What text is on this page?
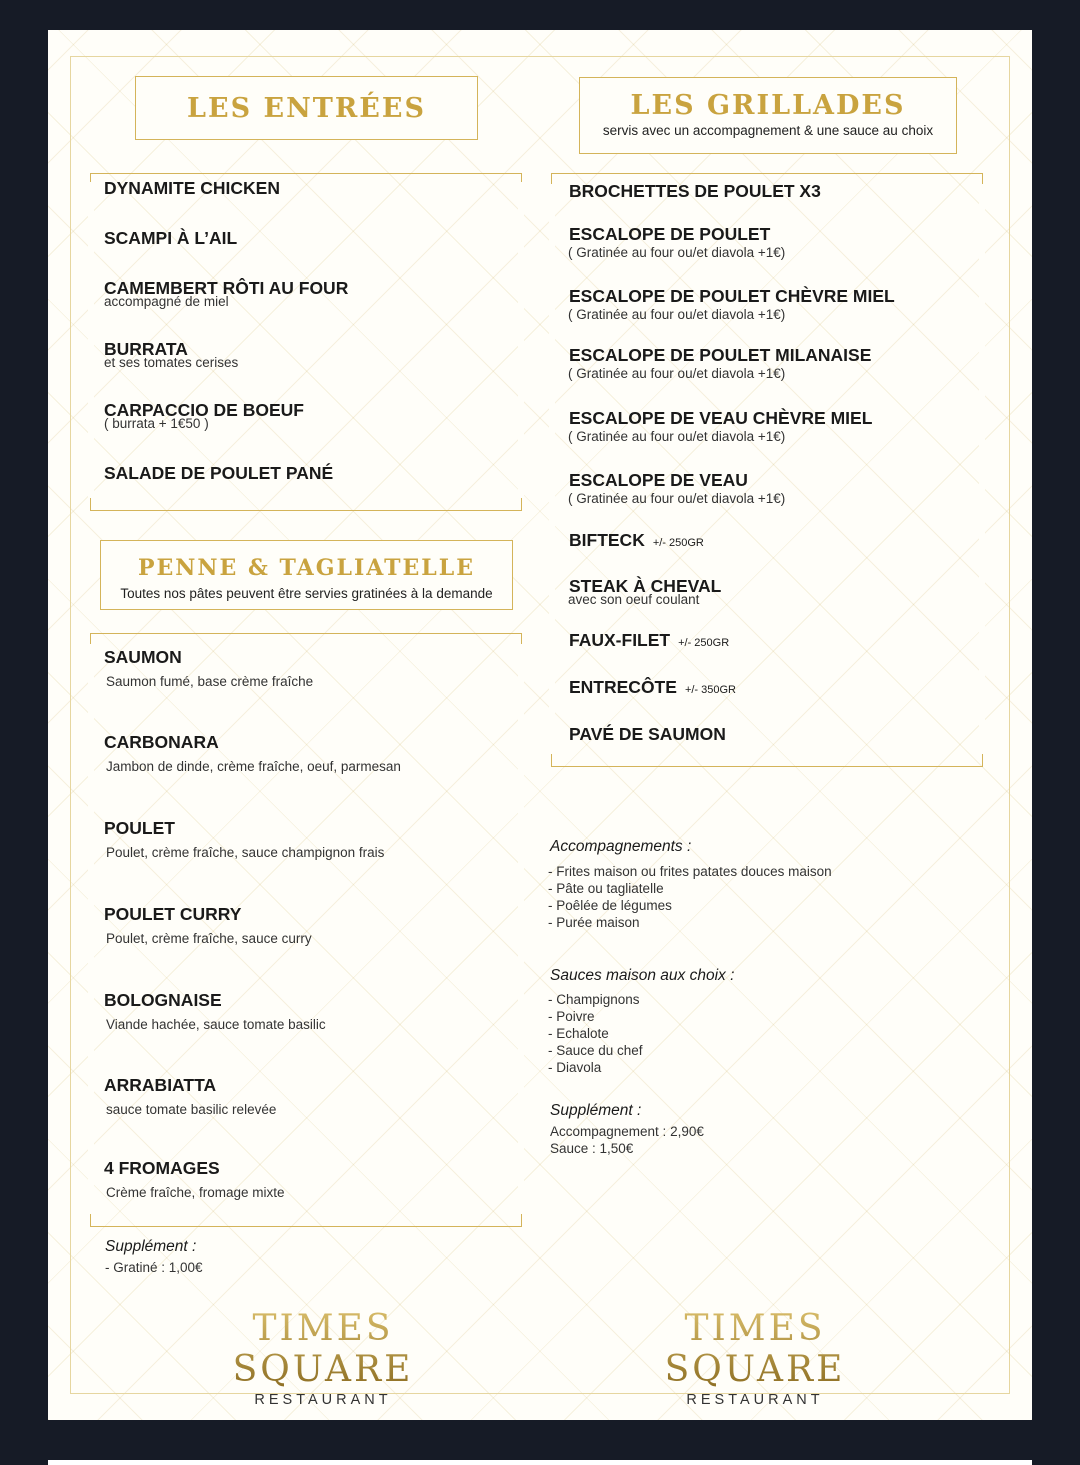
LES ENTRÉES
DYNAMITE CHICKEN
SCAMPI À L’AIL
CAMEMBERT RÔTI AU FOUR
accompagné de miel
BURRATA
et ses tomates cerises
CARPACCIO DE BOEUF
( burrata + 1€50 )
SALADE DE POULET PANÉ
PENNE & TAGLIATELLE
Toutes nos pâtes peuvent être servies gratinées à la demande
SAUMON
Saumon fumé, base crème fraîche
CARBONARA
Jambon de dinde, crème fraîche, oeuf, parmesan
POULET
Poulet, crème fraîche, sauce champignon frais
POULET CURRY
Poulet, crème fraîche, sauce curry
BOLOGNAISE
Viande hachée, sauce tomate basilic
ARRABIATTA
sauce tomate basilic relevée
4 FROMAGES
Crème fraîche, fromage mixte
Supplément :
- Gratiné : 1,00€
LES GRILLADES
servis avec un accompagnement & une sauce au choix
BROCHETTES DE POULET X3
ESCALOPE DE POULET
( Gratinée au four ou/et diavola +1€)
ESCALOPE DE POULET CHÈVRE MIEL
( Gratinée au four ou/et diavola +1€)
ESCALOPE DE POULET MILANAISE
( Gratinée au four ou/et diavola +1€)
ESCALOPE DE VEAU CHÈVRE MIEL
( Gratinée au four ou/et diavola +1€)
ESCALOPE DE VEAU
( Gratinée au four ou/et diavola +1€)
BIFTECK +/- 250GR
STEAK À CHEVAL
avec son oeuf coulant
FAUX-FILET +/- 250GR
ENTRECÔTE +/- 350GR
PAVÉ DE SAUMON
Accompagnements :
- Frites maison ou frites patates douces maison
- Pâte ou tagliatelle
- Poêlée de légumes
- Purée maison
Sauces maison aux choix :
- Champignons
- Poivre
- Echalote
- Sauce du chef
- Diavola
Supplément :
Accompagnement : 2,90€
Sauce : 1,50€
TIMES SQUARE
RESTAURANT
TIMES SQUARE
RESTAURANT
